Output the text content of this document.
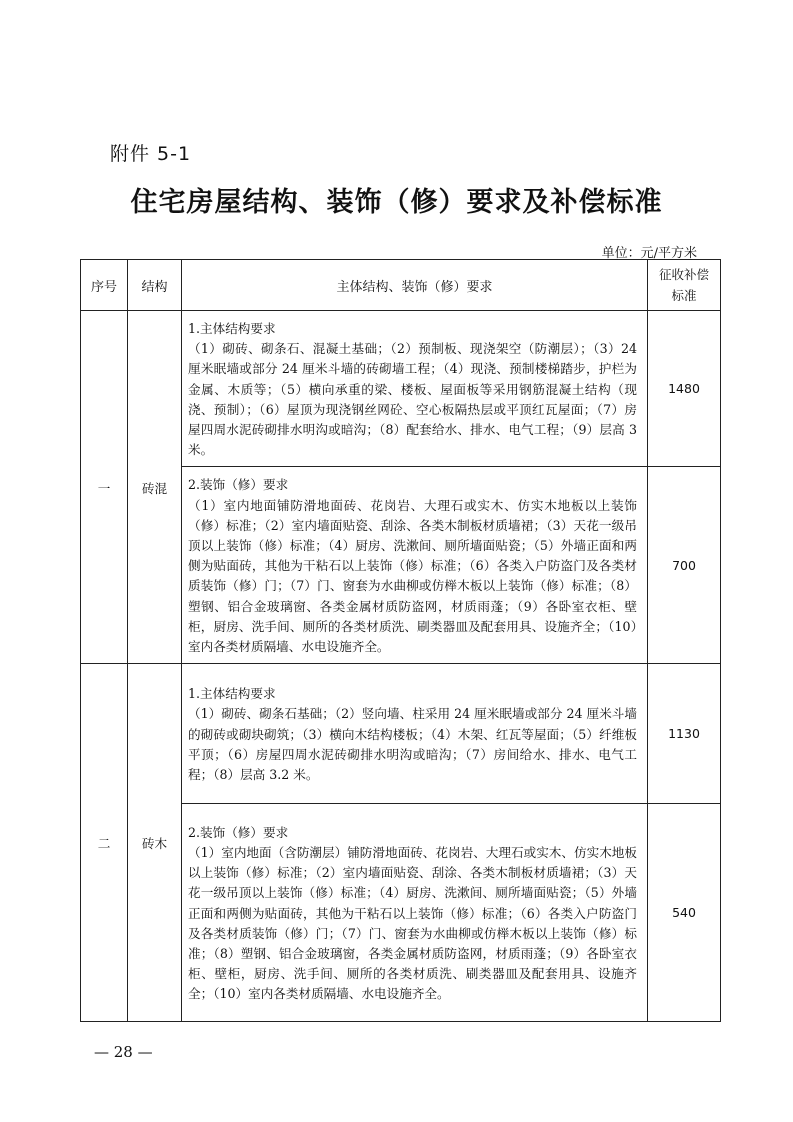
附件 5-1
住宅房屋结构、装饰（修）要求及补偿标准
单位：元/平方米
序号	结构	主体结构、装饰（修）要求	征收补偿标准

一	砖混	1.主体结构要求
（1）砌砖、砌条石、混凝土基础；（2）预制板、现浇架空（防潮层）；（3）24 厘米眠墙或部分 24 厘米斗墙的砖砌墙工程；（4）现浇、预制楼梯踏步，护栏为金属、木质等；（5）横向承重的梁、楼板、屋面板等采用钢筋混凝土结构（现浇、预制）；（6）屋顶为现浇钢丝网砼、空心板隔热层或平顶红瓦屋面；（7）房屋四周水泥砖砌排水明沟或暗沟；（8）配套给水、排水、电气工程；（9）层高 3 米。	1480

		2.装饰（修）要求
（1）室内地面铺防滑地面砖、花岗岩、大理石或实木、仿实木地板以上装饰（修）标准；（2）室内墙面贴瓷、刮涂、各类木制板材质墙裙；（3）天花一级吊顶以上装饰（修）标准；（4）厨房、洗漱间、厕所墙面贴瓷；（5）外墙正面和两侧为贴面砖，其他为干粘石以上装饰（修）标准；（6）各类入户防盗门及各类材质装饰（修）门；（7）门、窗套为水曲柳或仿榉木板以上装饰（修）标准；（8）塑钢、铝合金玻璃窗、各类金属材质防盗网，材质雨蓬；（9）各卧室衣柜、壁柜，厨房、洗手间、厕所的各类材质洗、刷类器皿及配套用具、设施齐全；（10）室内各类材质隔墙、水电设施齐全。	700
二	砖木	1.主体结构要求
（1）砌砖、砌条石基础；（2）竖向墙、柱采用 24 厘米眠墙或部分 24 厘米斗墙的砌砖或砌块砌筑；（3）横向木结构楼板；（4）木架、红瓦等屋面；（5）纤维板平顶；（6）房屋四周水泥砖砌排水明沟或暗沟；（7）房间给水、排水、电气工程；（8）层高 3.2 米。	1130

		2.装饰（修）要求
（1）室内地面（含防潮层）铺防滑地面砖、花岗岩、大理石或实木、仿实木地板以上装饰（修）标准；（2）室内墙面贴瓷、刮涂、各类木制板材质墙裙；（3）天花一级吊顶以上装饰（修）标准；（4）厨房、洗漱间、厕所墙面贴瓷；（5）外墙正面和两侧为贴面砖，其他为干粘石以上装饰（修）标准；（6）各类入户防盗门及各类材质装饰（修）门；（7）门、窗套为水曲柳或仿榉木板以上装饰（修）标准；（8）塑钢、铝合金玻璃窗，各类金属材质防盗网，材质雨蓬；（9）各卧室衣柜、壁柜，厨房、洗手间、厕所的各类材质洗、刷类器皿及配套用具、设施齐全；（10）室内各类材质隔墙、水电设施齐全。	540
— 28 —
